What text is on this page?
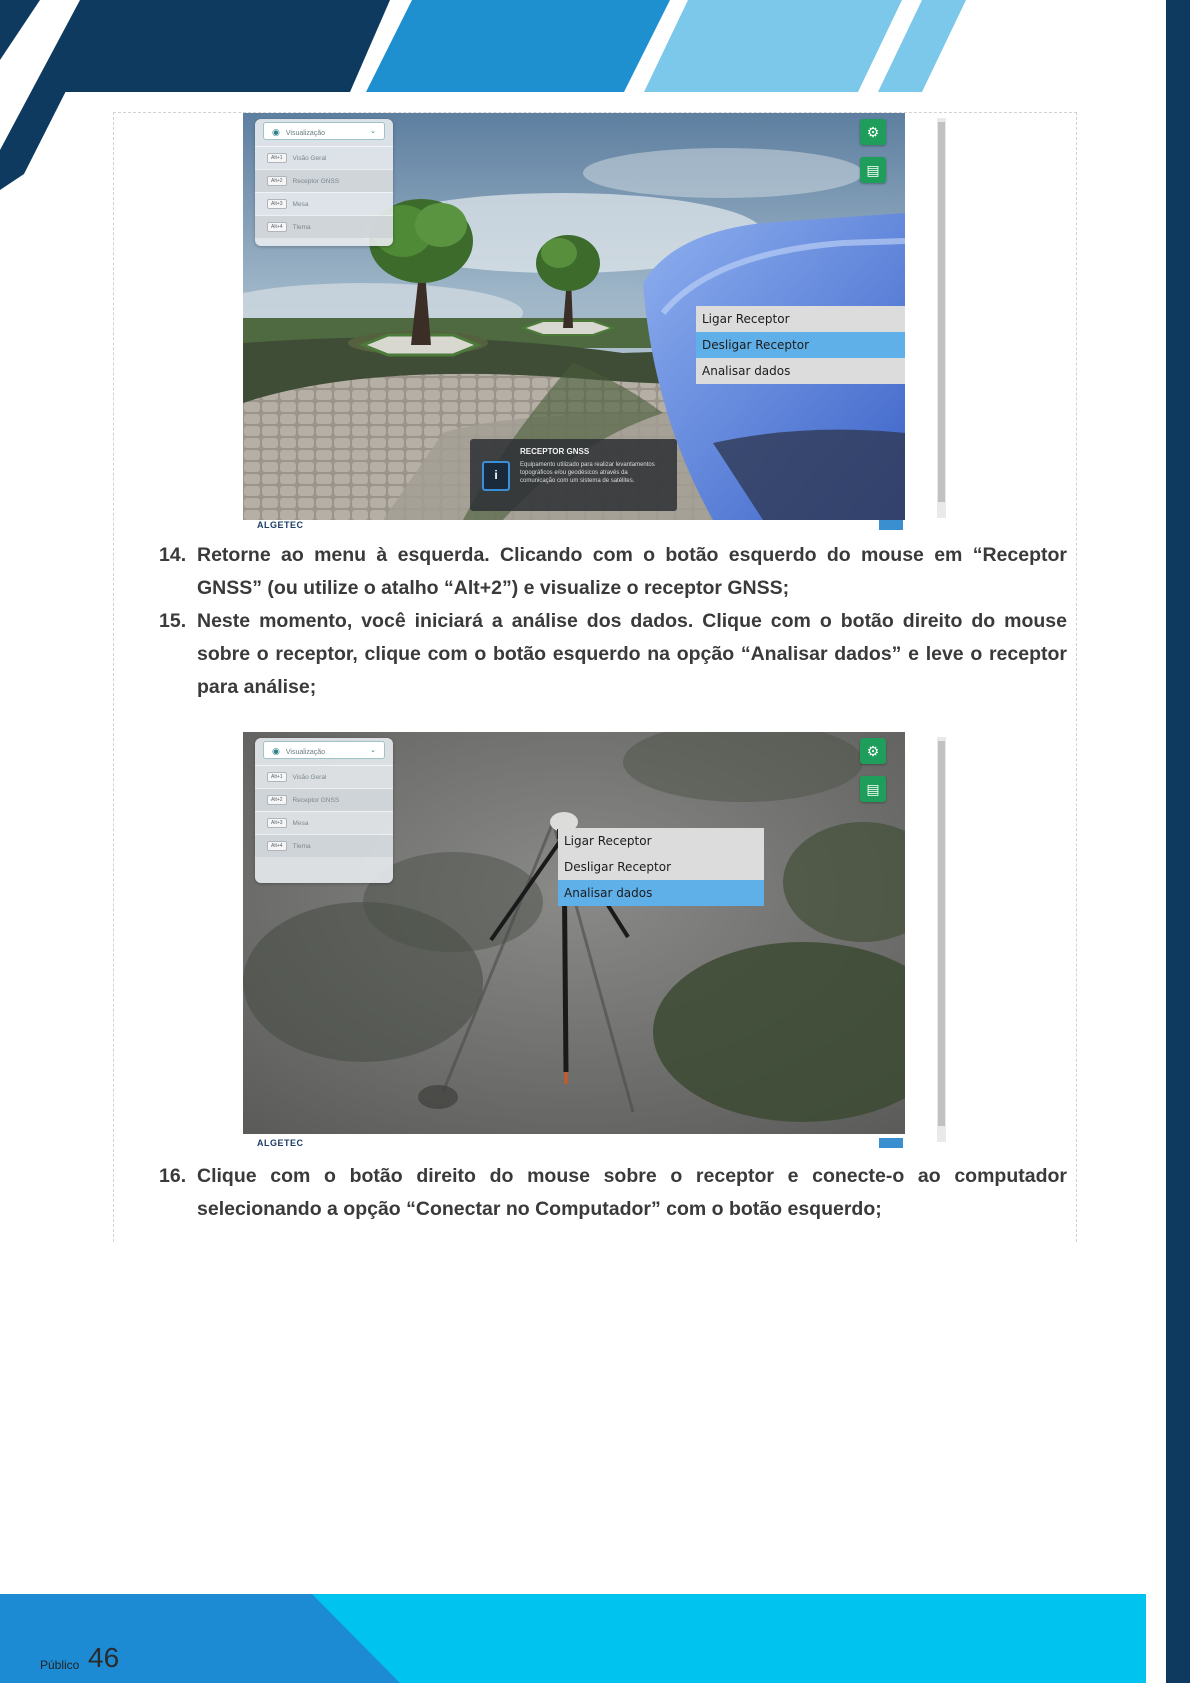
◉ Visualização	⌄
Alt+1	Visão Geral
Alt+2	Receptor GNSS
Alt+3	Mesa
Alt+4	Tlema
⚙
▤
Ligar Receptor
Desligar Receptor
Analisar dados
i
RECEPTOR GNSS
Equipamento utilizado para realizar levantamentos topográficos e/ou geodésicos através da comunicação com um sistema de satélites.
ALGETEC
14. Retorne ao menu à esquerda. Clicando com o botão esquerdo do mouse em “Receptor GNSS” (ou utilize o atalho “Alt+2”) e visualize o receptor GNSS;
15. Neste momento, você iniciará a análise dos dados. Clique com o botão direito do mouse sobre o receptor, clique com o botão esquerdo na opção “Analisar dados” e leve o receptor para análise;
◉ Visualização	⌄
Alt+1	Visão Geral
Alt+2	Receptor GNSS
Alt+3	Mesa
Alt+4	Tlema
⚙
▤
Ligar Receptor
Desligar Receptor
Analisar dados
ALGETEC
16. Clique com o botão direito do mouse sobre o receptor e conecte-o ao computador selecionando a opção “Conectar no Computador” com o botão esquerdo;
Público 46
